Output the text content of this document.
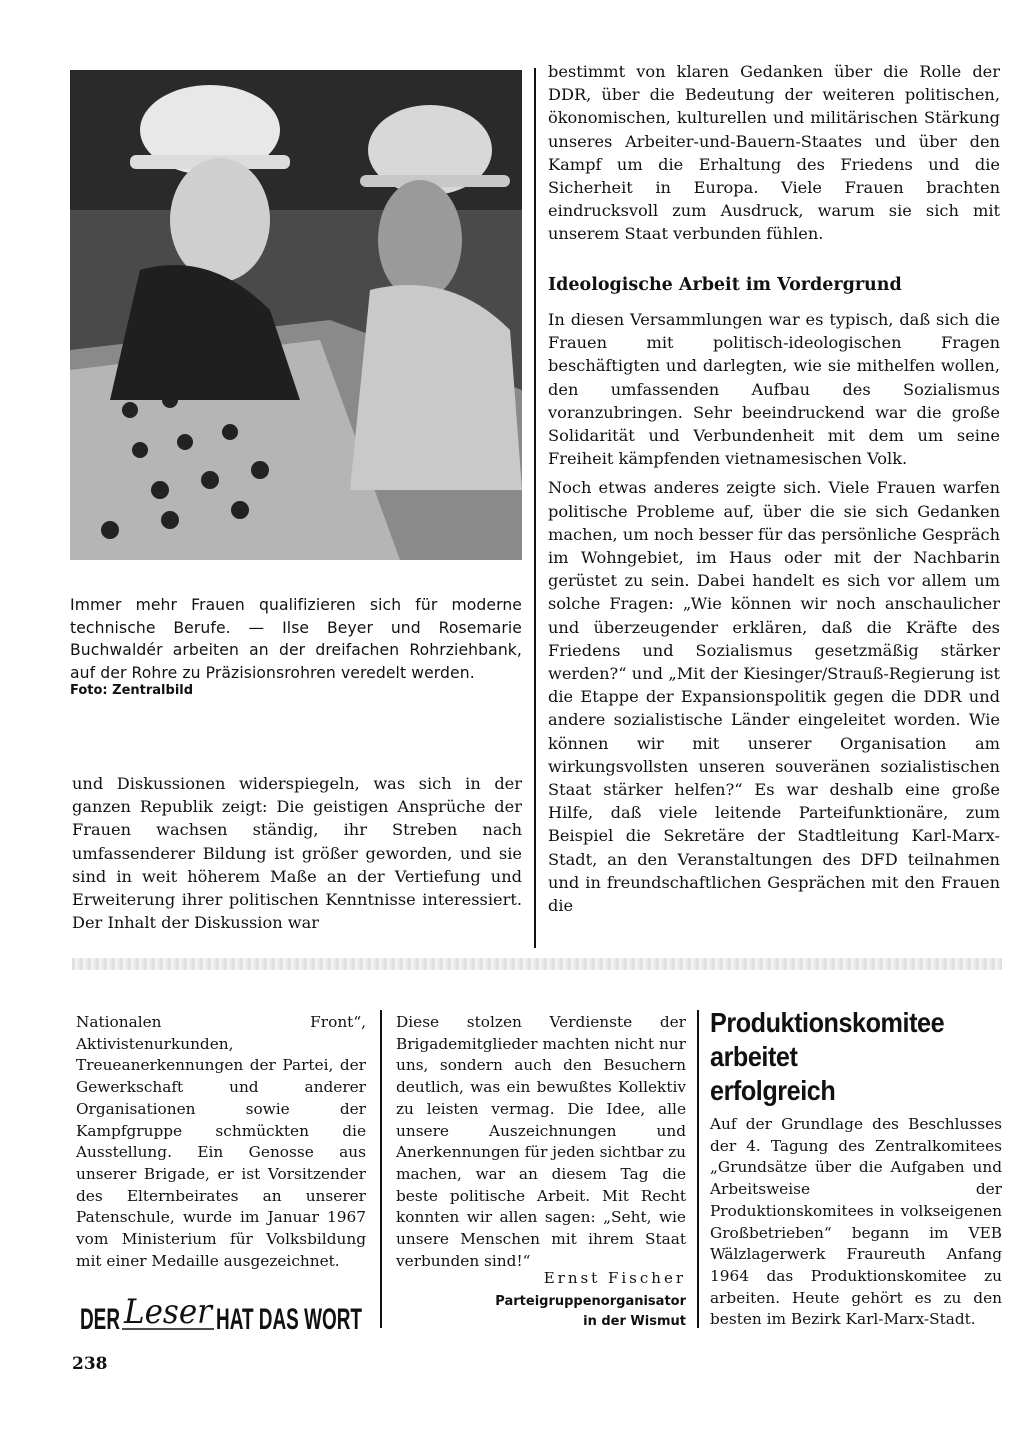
Immer mehr Frauen qualifizieren sich für moderne technische Berufe. — Ilse Beyer und Rosemarie Buchwaldér arbeiten an der dreifachen Rohrziehbank, auf der Rohre zu Präzisionsrohren veredelt werden.
Foto: Zentralbild

und Diskussionen widerspiegeln, was sich in der ganzen Republik zeigt: Die geistigen Ansprüche der Frauen wachsen ständig, ihr Streben nach umfassenderer Bildung ist größer geworden, und sie sind in weit höherem Maße an der Vertiefung und Erweiterung ihrer politischen Kenntnisse interessiert. Der Inhalt der Diskussion war

bestimmt von klaren Gedanken über die Rolle der DDR, über die Bedeutung der weiteren politischen, ökonomischen, kulturellen und militärischen Stärkung unseres Arbeiter-und-Bauern-Staates und über den Kampf um die Erhaltung des Friedens und die Sicherheit in Europa. Viele Frauen brachten eindrucksvoll zum Ausdruck, warum sie sich mit unserem Staat verbunden fühlen.

Ideologische Arbeit im Vordergrund

In diesen Versammlungen war es typisch, daß sich die Frauen mit politisch-ideologischen Fragen beschäftigten und darlegten, wie sie mithelfen wollen, den umfassenden Aufbau des Sozialismus voranzubringen. Sehr beeindruckend war die große Solidarität und Verbundenheit mit dem um seine Freiheit kämpfenden vietnamesischen Volk.

Noch etwas anderes zeigte sich. Viele Frauen warfen politische Probleme auf, über die sie sich Gedanken machen, um noch besser für das persönliche Gespräch im Wohngebiet, im Haus oder mit der Nachbarin gerüstet zu sein. Dabei handelt es sich vor allem um solche Fragen: „Wie können wir noch anschaulicher und überzeugender erklären, daß die Kräfte des Friedens und Sozialismus gesetzmäßig stärker werden?“ und „Mit der Kiesinger/Strauß-Regierung ist die Etappe der Expansionspolitik gegen die DDR und andere sozialistische Länder eingeleitet worden. Wie können wir mit unserer Organisation am wirkungsvollsten unseren souveränen sozialistischen Staat stärker helfen?“ Es war deshalb eine große Hilfe, daß viele leitende Parteifunktionäre, zum Beispiel die Sekretäre der Stadtleitung Karl-Marx-Stadt, an den Veranstaltungen des DFD teilnahmen und in freundschaftlichen Gesprächen mit den Frauen die

Nationalen Front“, Aktivistenurkunden, Treueanerkennungen der Partei, der Gewerkschaft und anderer Organisationen sowie der Kampfgruppe schmückten die Ausstellung. Ein Genosse aus unserer Brigade, er ist Vorsitzender des Elternbeirates an unserer Patenschule, wurde im Januar 1967 vom Ministerium für Volksbildung mit einer Medaille ausgezeichnet.
Diese stolzen Verdienste der Brigademitglieder machten nicht nur uns, sondern auch den Besuchern deutlich, was ein bewußtes Kollektiv zu leisten vermag. Die Idee, alle unsere Auszeichnungen und Anerkennungen für jeden sichtbar zu machen, war an diesem Tag die beste politische Arbeit. Mit Recht konnten wir allen sagen: „Seht, wie unsere Menschen mit ihrem Staat verbunden sind!“
Ernst Fischer
Parteigruppenorganisator
in der Wismut
Produktionskomitee
arbeitet
erfolgreich
Auf der Grundlage des Beschlusses der 4. Tagung des Zentralkomitees „Grundsätze über die Aufgaben und Arbeitsweise der Produktionskomitees in volkseigenen Großbetrieben“ begann im VEB Wälzlagerwerk Fraureuth Anfang 1964 das Produktionskomitee zu arbeiten. Heute gehört es zu den besten im Bezirk Karl-Marx-Stadt.
DER Leser HAT DAS WORT
238
